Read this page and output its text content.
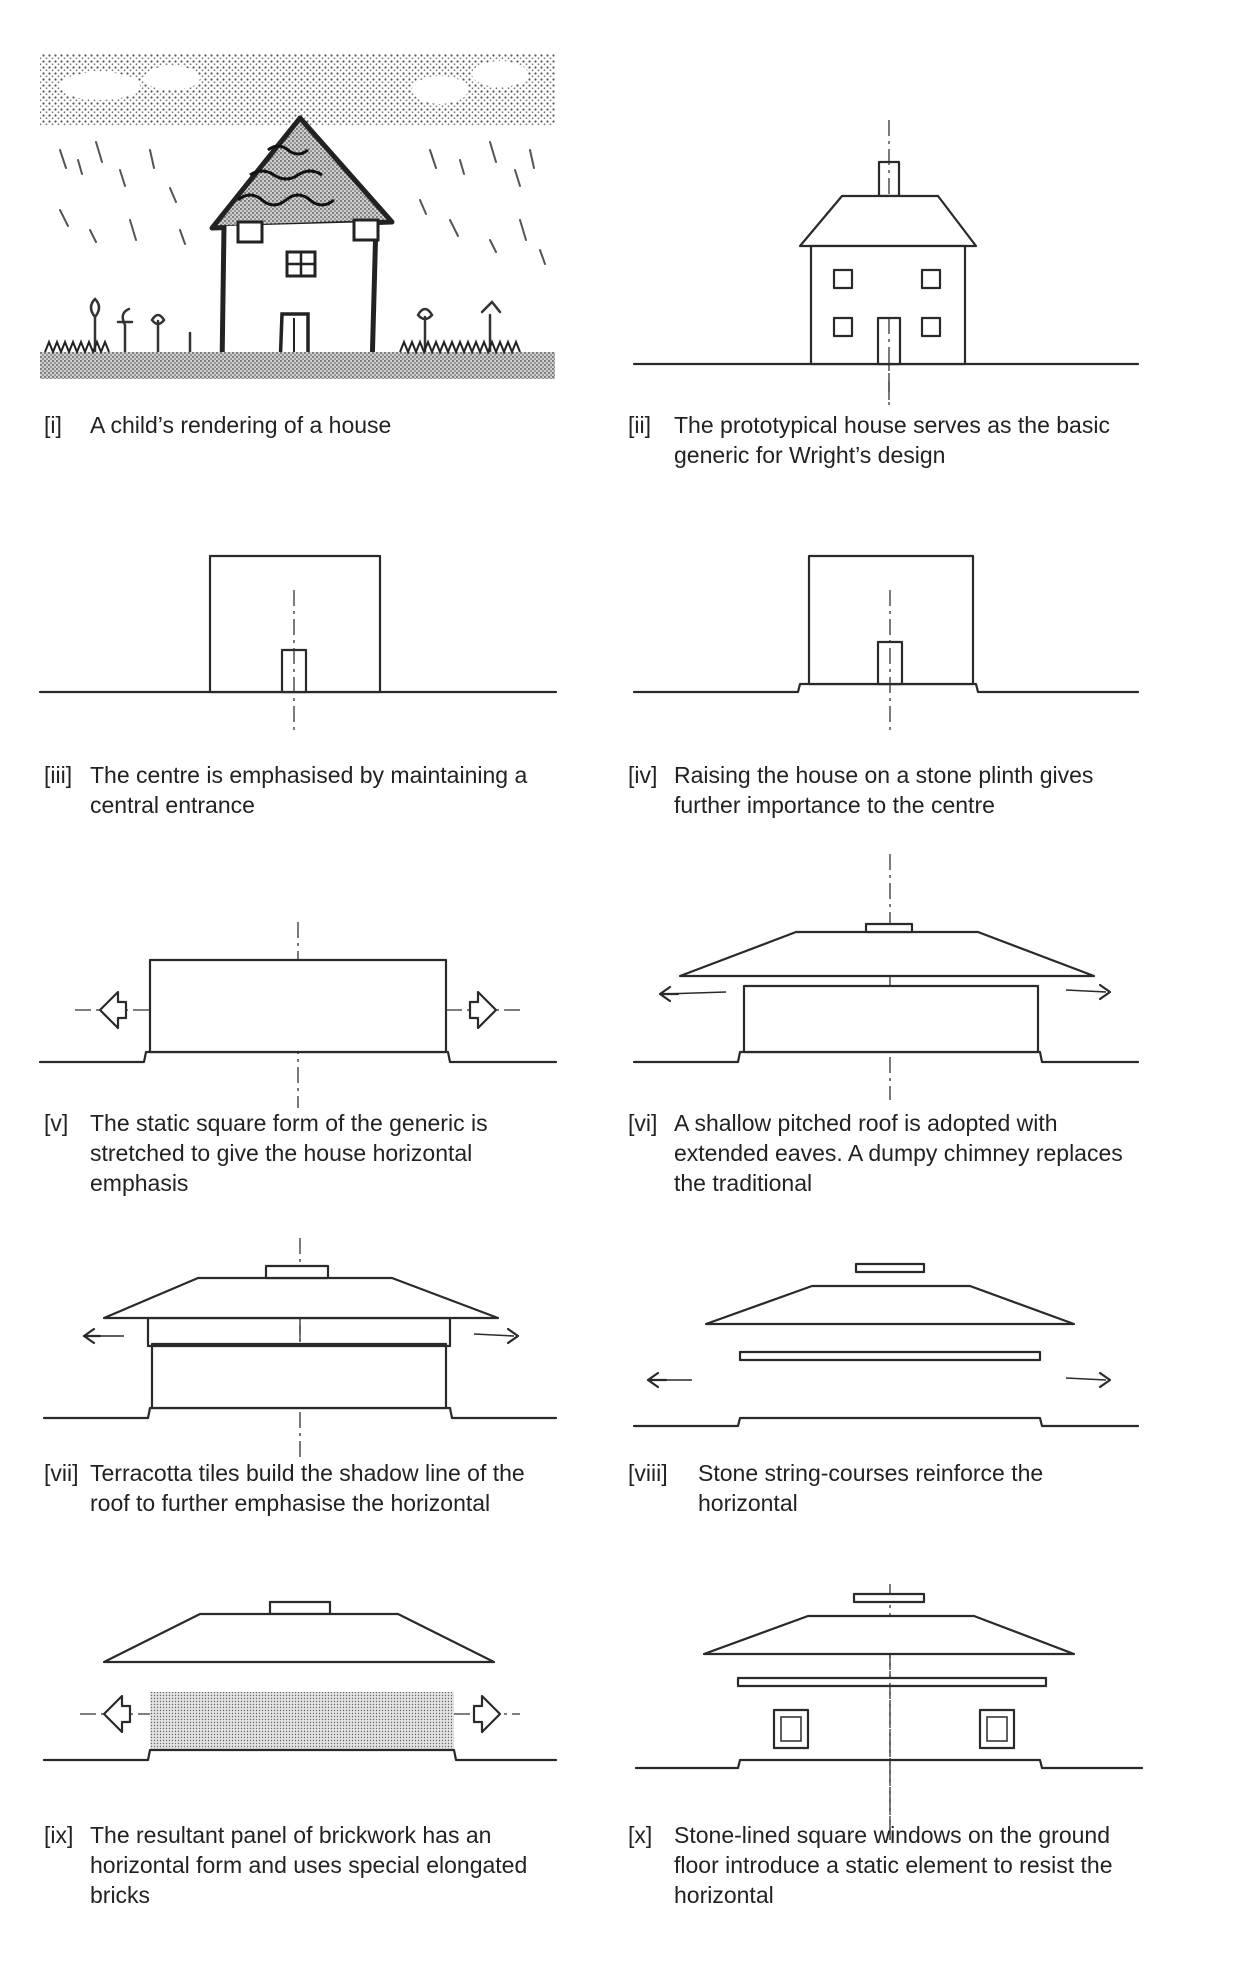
[i] A child’s rendering of a house	[ii] The prototypical house serves as the basic generic for Wright’s design
[iii] The centre is emphasised by maintaining a central entrance
[iv] Raising the house on a stone plinth gives further importance to the centre
[v] The static square form of the generic is stretched to give the house horizontal emphasis
[vi] A shallow pitched roof is adopted with extended eaves. A dumpy chimney replaces the traditional
[vii] Terracotta tiles build the shadow line of the roof to further emphasise the horizontal
[viii] Stone string-courses reinforce the horizontal
[ix] The resultant panel of brickwork has an horizontal form and uses special elongated bricks
[x] Stone-lined square windows on the ground floor introduce a static element to resist the horizontal
